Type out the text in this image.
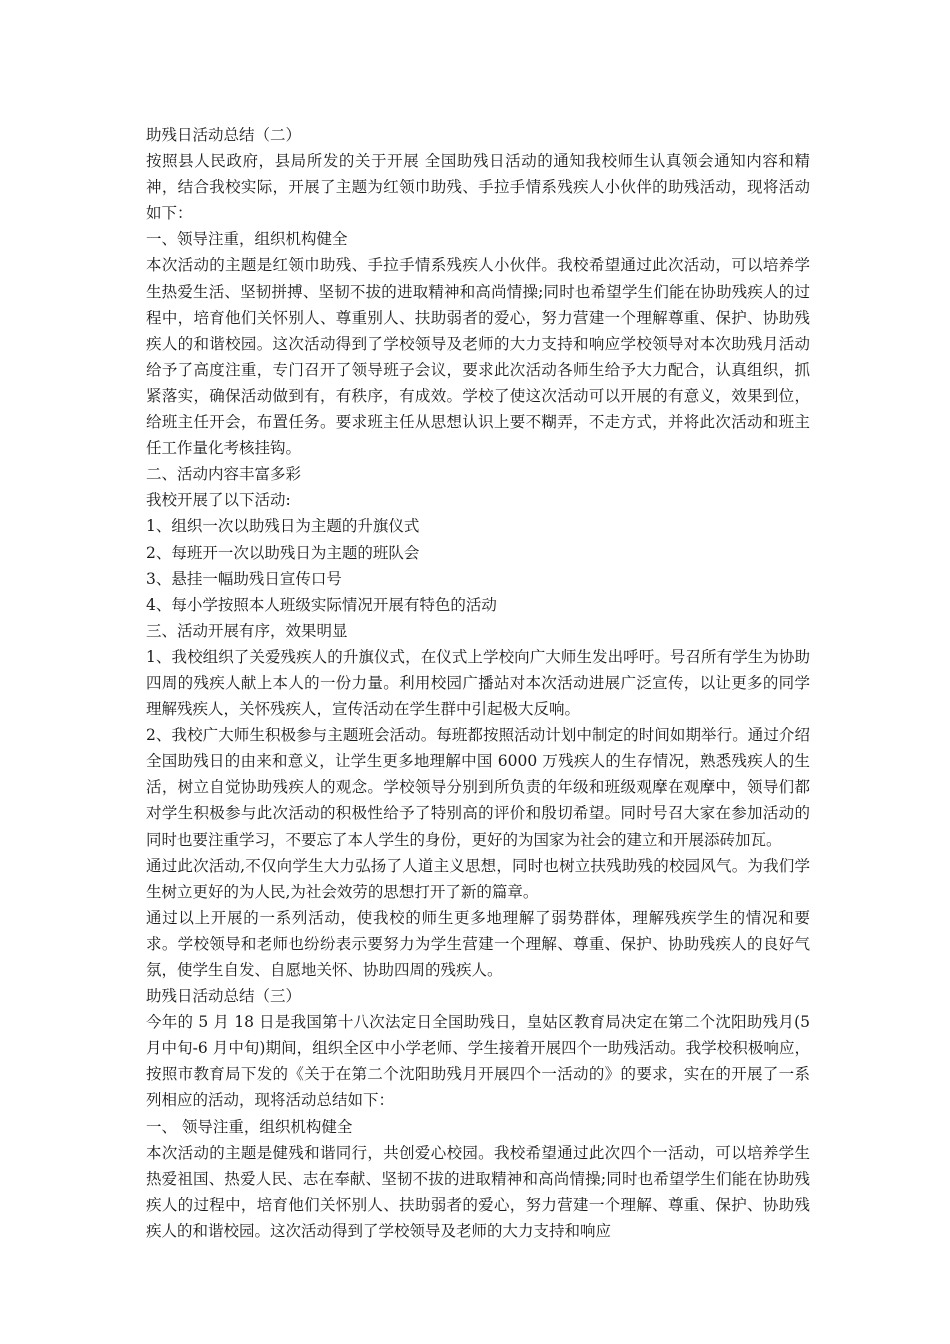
助残日活动总结（二）

按照县人民政府，县局所发的关于开展 全国助残日活动的通知我校师生认真领会通知内容和精神，结合我校实际，开展了主题为红领巾助残、手拉手情系残疾人小伙伴的助残活动，现将活动如下：

一、领导注重，组织机构健全

本次活动的主题是红领巾助残、手拉手情系残疾人小伙伴。我校希望通过此次活动，可以培养学生热爱生活、坚韧拼搏、坚韧不拔的进取精神和高尚情操;同时也希望学生们能在协助残疾人的过程中，培育他们关怀别人、尊重别人、扶助弱者的爱心，努力营建一个理解尊重、保护、协助残疾人的和谐校园。这次活动得到了学校领导及老师的大力支持和响应学校领导对本次助残月活动给予了高度注重，专门召开了领导班子会议，要求此次活动各师生给予大力配合，认真组织，抓紧落实，确保活动做到有，有秩序，有成效。学校了使这次活动可以开展的有意义，效果到位，给班主任开会，布置任务。要求班主任从思想认识上要不糊弄，不走方式，并将此次活动和班主任工作量化考核挂钩。

二、活动内容丰富多彩

我校开展了以下活动:

1、组织一次以助残日为主题的升旗仪式

2、每班开一次以助残日为主题的班队会

3、悬挂一幅助残日宣传口号

4、每小学按照本人班级实际情况开展有特色的活动

三、活动开展有序，效果明显

1、我校组织了关爱残疾人的升旗仪式，在仪式上学校向广大师生发出呼吁。号召所有学生为协助四周的残疾人献上本人的一份力量。利用校园广播站对本次活动进展广泛宣传，以让更多的同学理解残疾人，关怀残疾人，宣传活动在学生群中引起极大反响。

2、我校广大师生积极参与主题班会活动。每班都按照活动计划中制定的时间如期举行。通过介绍全国助残日的由来和意义，让学生更多地理解中国 6000 万残疾人的生存情况，熟悉残疾人的生活，树立自觉协助残疾人的观念。学校领导分别到所负责的年级和班级观摩在观摩中，领导们都对学生积极参与此次活动的积极性给予了特别高的评价和殷切希望。同时号召大家在参加活动的同时也要注重学习，不要忘了本人学生的身份，更好的为国家为社会的建立和开展添砖加瓦。

通过此次活动,不仅向学生大力弘扬了人道主义思想，同时也树立扶残助残的校园风气。为我们学生树立更好的为人民,为社会效劳的思想打开了新的篇章。

通过以上开展的一系列活动，使我校的师生更多地理解了弱势群体，理解残疾学生的情况和要求。学校领导和老师也纷纷表示要努力为学生营建一个理解、尊重、保护、协助残疾人的良好气氛，使学生自发、自愿地关怀、协助四周的残疾人。

助残日活动总结（三）

今年的 5 月 18 日是我国第十八次法定日全国助残日，皇姑区教育局决定在第二个沈阳助残月(5 月中旬-6 月中旬)期间，组织全区中小学老师、学生接着开展四个一助残活动。我学校积极响应，按照市教育局下发的《关于在第二个沈阳助残月开展四个一活动的》的要求，实在的开展了一系列相应的活动，现将活动总结如下：

一、 领导注重，组织机构健全

本次活动的主题是健残和谐同行，共创爱心校园。我校希望通过此次四个一活动，可以培养学生热爱祖国、热爱人民、志在奉献、坚韧不拔的进取精神和高尚情操;同时也希望学生们能在协助残疾人的过程中，培育他们关怀别人、扶助弱者的爱心，努力营建一个理解、尊重、保护、协助残疾人的和谐校园。这次活动得到了学校领导及老师的大力支持和响应
